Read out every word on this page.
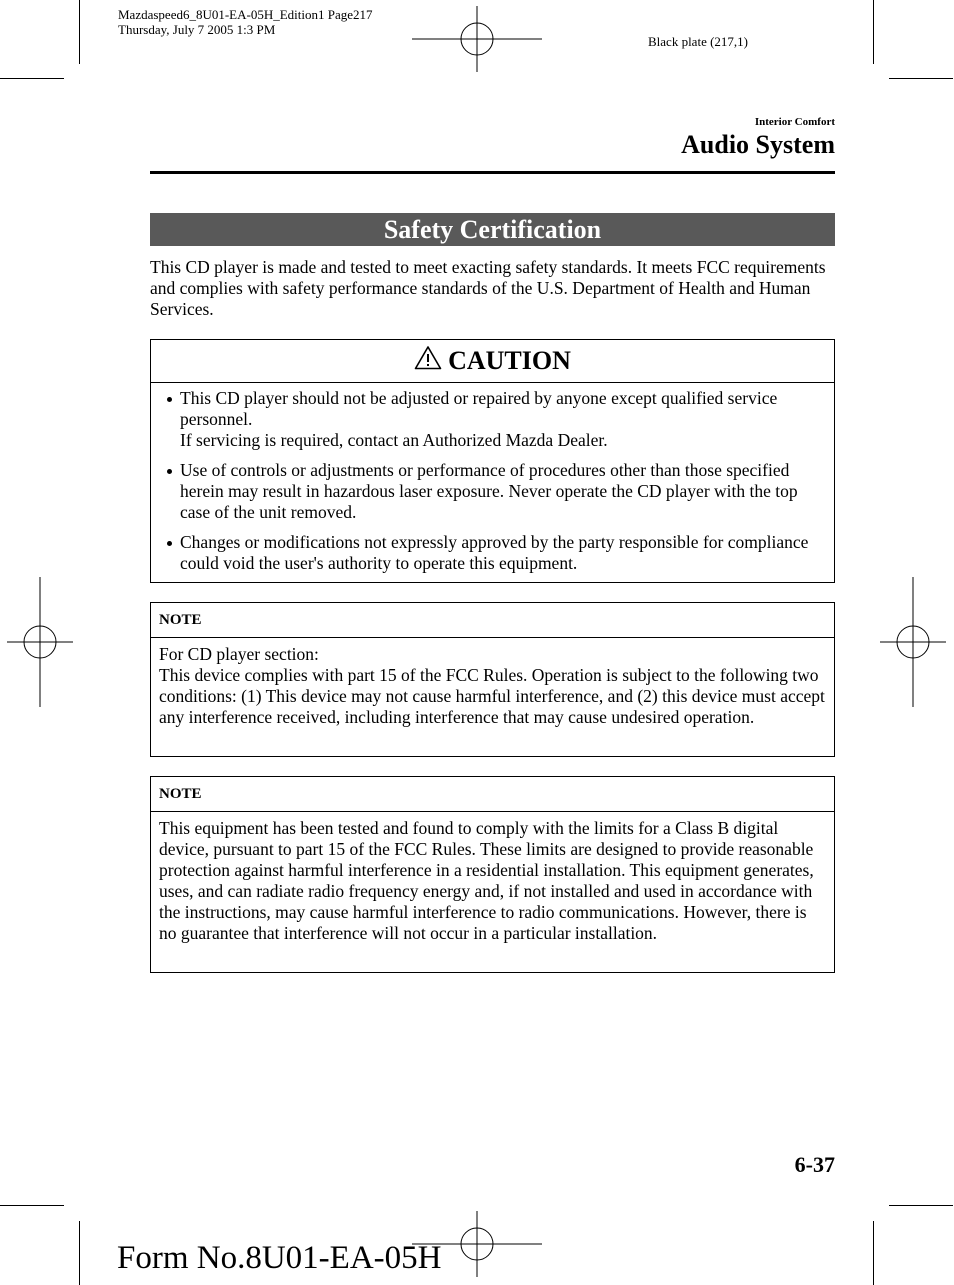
Mazdaspeed6_8U01-EA-05H_Edition1 Page217
Thursday, July 7 2005 1:3 PM
Black plate (217,1)
Interior Comfort
Audio System
Safety Certification
This CD player is made and tested to meet exacting safety standards. It meets FCC requirements and complies with safety performance standards of the U.S. Department of Health and Human Services.
CAUTION
This CD player should not be adjusted or repaired by anyone except qualified service personnel.
If servicing is required, contact an Authorized Mazda Dealer.
Use of controls or adjustments or performance of procedures other than those specified herein may result in hazardous laser exposure. Never operate the CD player with the top case of the unit removed.
Changes or modifications not expressly approved by the party responsible for compliance could void the user's authority to operate this equipment.
NOTE
For CD player section:
This device complies with part 15 of the FCC Rules. Operation is subject to the following two conditions: (1) This device may not cause harmful interference, and (2) this device must accept any interference received, including interference that may cause undesired operation.
NOTE
This equipment has been tested and found to comply with the limits for a Class B digital device, pursuant to part 15 of the FCC Rules. These limits are designed to provide reasonable protection against harmful interference in a residential installation. This equipment generates, uses, and can radiate radio frequency energy and, if not installed and used in accordance with the instructions, may cause harmful interference to radio communications. However, there is no guarantee that interference will not occur in a particular installation.
6-37
Form No.8U01-EA-05H
